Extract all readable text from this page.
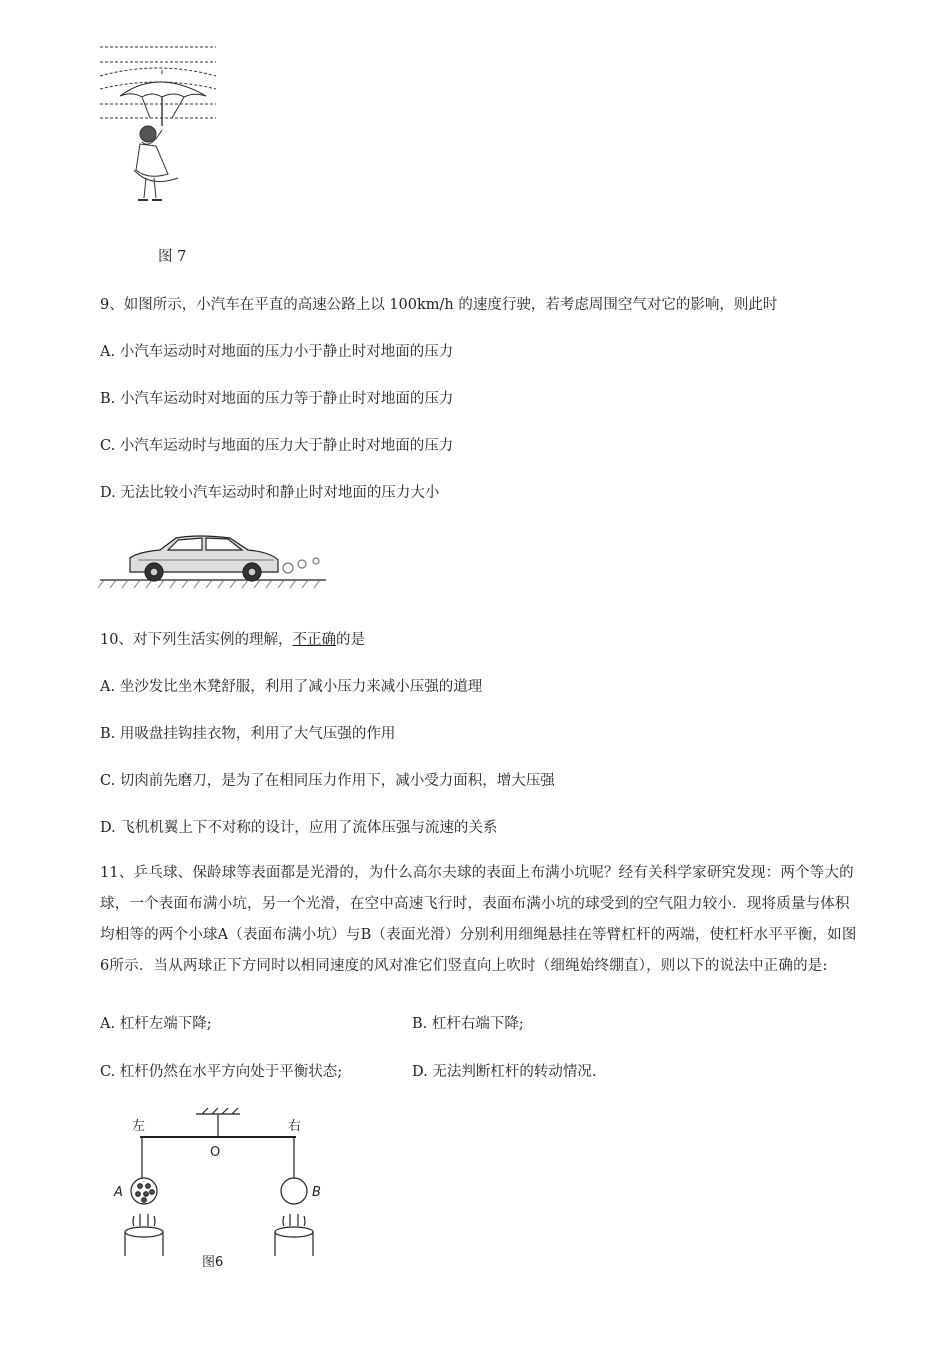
图 7
9、如图所示，小汽车在平直的高速公路上以 100km/h 的速度行驶，若考虑周围空气对它的影响，则此时
A. 小汽车运动时对地面的压力小于静止时对地面的压力
B. 小汽车运动时对地面的压力等于静止时对地面的压力
C. 小汽车运动时与地面的压力大于静止时对地面的压力
D. 无法比较小汽车运动时和静止时对地面的压力大小
10、对下列生活实例的理解，不正确的是
A. 坐沙发比坐木凳舒服，利用了减小压力来减小压强的道理
B. 用吸盘挂钩挂衣物，利用了大气压强的作用
C. 切肉前先磨刀，是为了在相同压力作用下，减小受力面积，增大压强
D. 飞机机翼上下不对称的设计，应用了流体压强与流速的关系
11、乒乓球、保龄球等表面都是光滑的，为什么高尔夫球的表面上布满小坑呢？经有关科学家研究发现：两个等大的球，一个表面布满小坑，另一个光滑，在空中高速飞行时，表面布满小坑的球受到的空气阻力较小．现将质量与体积均相等的两个小球A（表面布满小坑）与B（表面光滑）分别利用细绳悬挂在等臂杠杆的两端，使杠杆水平平衡，如图6所示．当从两球正下方同时以相同速度的风对准它们竖直向上吹时（细绳始终绷直），则以下的说法中正确的是:
A. 杠杆左端下降;	B. 杠杆右端下降;
C. 杠杆仍然在水平方向处于平衡状态;	D. 无法判断杠杆的转动情况.
左	右
O
A	B
图6
